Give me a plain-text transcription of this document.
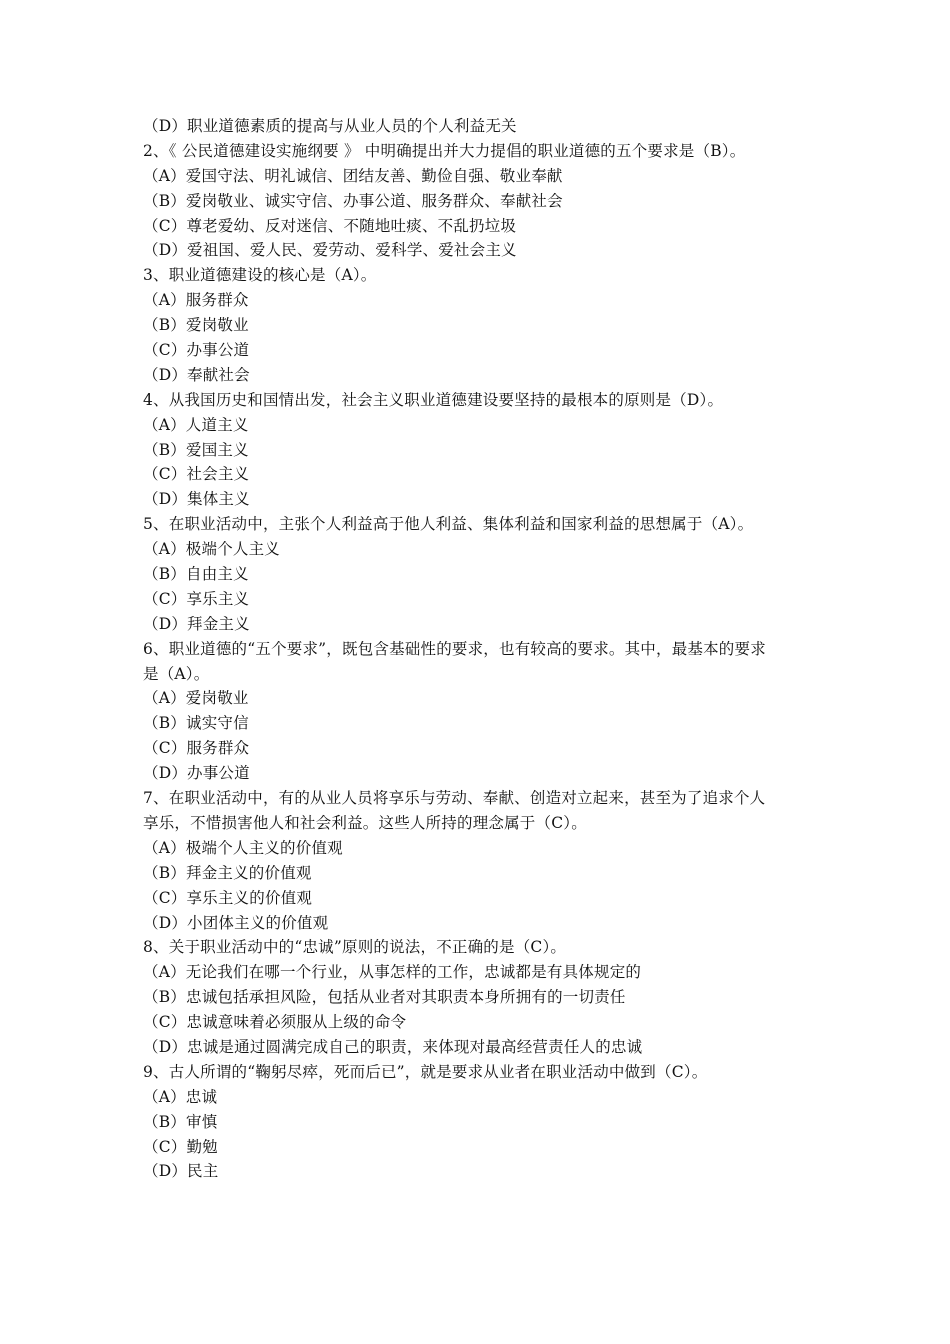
（D）职业道德素质的提高与从业人员的个人利益无关
2、《 公民道德建设实施纲要 》 中明确提出并大力提倡的职业道德的五个要求是（B）。
（A）爱国守法、明礼诚信、团结友善、勤俭自强、敬业奉献
（B）爱岗敬业、诚实守信、办事公道、服务群众、奉献社会
（C）尊老爱幼、反对迷信、不随地吐痰、不乱扔垃圾
（D）爱祖国、爱人民、爱劳动、爱科学、爱社会主义
3、职业道德建设的核心是（A）。
（A）服务群众
（B）爱岗敬业
（C）办事公道
（D）奉献社会
4、从我国历史和国情出发，社会主义职业道德建设要坚持的最根本的原则是（D）。
（A）人道主义
（B）爱国主义
（C）社会主义
（D）集体主义
5、在职业活动中，主张个人利益高于他人利益、集体利益和国家利益的思想属于（A）。
（A）极端个人主义
（B）自由主义
（C）享乐主义
（D）拜金主义
6、职业道德的“五个要求”，既包含基础性的要求，也有较高的要求。其中，最基本的要求
是（A）。
（A）爱岗敬业
（B）诚实守信
（C）服务群众
（D）办事公道
7、在职业活动中，有的从业人员将享乐与劳动、奉献、创造对立起来，甚至为了追求个人
享乐，不惜损害他人和社会利益。这些人所持的理念属于（C）。
（A）极端个人主义的价值观
（B）拜金主义的价值观
（C）享乐主义的价值观
（D）小团体主义的价值观
8、关于职业活动中的“忠诚”原则的说法，不正确的是（C）。
（A）无论我们在哪一个行业，从事怎样的工作，忠诚都是有具体规定的
（B）忠诚包括承担风险，包括从业者对其职责本身所拥有的一切责任
（C）忠诚意味着必须服从上级的命令
（D）忠诚是通过圆满完成自己的职责，来体现对最高经营责任人的忠诚
9、古人所谓的“鞠躬尽瘁，死而后已”，就是要求从业者在职业活动中做到（C）。
（A）忠诚
（B）审慎
（C）勤勉
（D）民主
